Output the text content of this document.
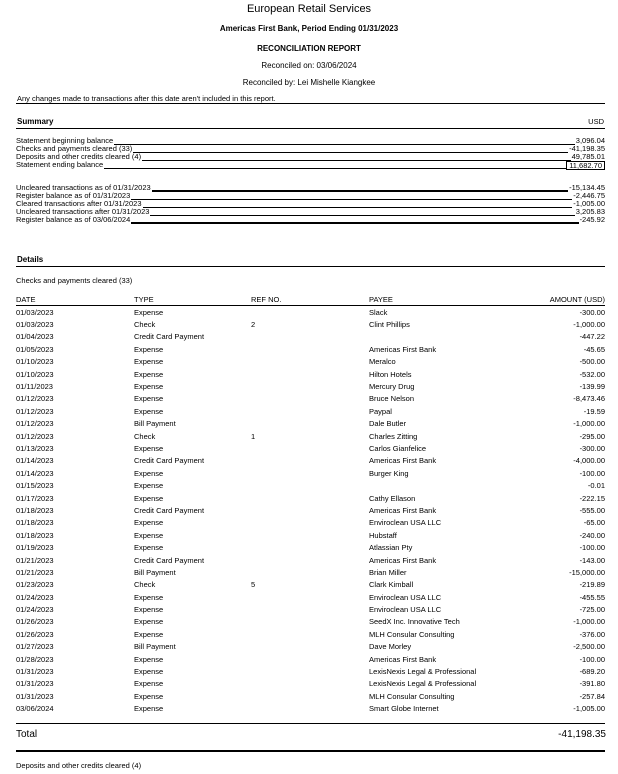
European Retail Services
Americas First Bank, Period Ending 01/31/2023
RECONCILIATION REPORT
Reconciled on: 03/06/2024
Reconciled by: Lei Mishelle Kiangkee
Any changes made to transactions after this date aren't included in this report.
Summary	USD
Statement beginning balance	3,096.04
Checks and payments cleared (33)	-41,198.35
Deposits and other credits cleared (4)	49,785.01
Statement ending balance	11,682.70
Uncleared transactions as of 01/31/2023	-15,134.45
Register balance as of 01/31/2023	-2,446.75
Cleared transactions after 01/31/2023	-1,005.00
Uncleared transactions after 01/31/2023	3,205.83
Register balance as of 03/06/2024	-245.92
Details
Checks and payments cleared (33)
DATE	TYPE	REF NO.	PAYEE	AMOUNT (USD)
01/03/2023	Expense		Slack	-300.00
01/03/2023	Check	2	Clint Phillips	-1,000.00
01/04/2023	Credit Card Payment			-447.22
01/05/2023	Expense		Americas First Bank	-45.65
01/10/2023	Expense		Meralco	-500.00
01/10/2023	Expense		Hilton Hotels	-532.00
01/11/2023	Expense		Mercury Drug	-139.99
01/12/2023	Expense		Bruce Nelson	-8,473.46
01/12/2023	Expense		Paypal	-19.59
01/12/2023	Bill Payment		Dale Butler	-1,000.00
01/12/2023	Check	1	Charles Zitting	-295.00
01/13/2023	Expense		Carlos Gianfelice	-300.00
01/14/2023	Credit Card Payment		Americas First Bank	-4,000.00
01/14/2023	Expense		Burger King	-100.00
01/15/2023	Expense			-0.01
01/17/2023	Expense		Cathy Ellason	-222.15
01/18/2023	Credit Card Payment		Americas First Bank	-555.00
01/18/2023	Expense		Enviroclean USA LLC	-65.00
01/18/2023	Expense		Hubstaff	-240.00
01/19/2023	Expense		Atlassian Pty	-100.00
01/21/2023	Credit Card Payment		Americas First Bank	-143.00
01/21/2023	Bill Payment		Brian Miller	-15,000.00
01/23/2023	Check	5	Clark Kimball	-219.89
01/24/2023	Expense		Enviroclean USA LLC	-455.55
01/24/2023	Expense		Enviroclean USA LLC	-725.00
01/26/2023	Expense		SeedX Inc. Innovative Tech	-1,000.00
01/26/2023	Expense		MLH Consular Consulting	-376.00
01/27/2023	Bill Payment		Dave Morley	-2,500.00
01/28/2023	Expense		Americas First Bank	-100.00
01/31/2023	Expense		LexisNexis Legal & Professional	-689.20
01/31/2023	Expense		LexisNexis Legal & Professional	-391.80
01/31/2023	Expense		MLH Consular Consulting	-257.84
03/06/2024	Expense		Smart Globe Internet	-1,005.00
Total	-41,198.35
Deposits and other credits cleared (4)
